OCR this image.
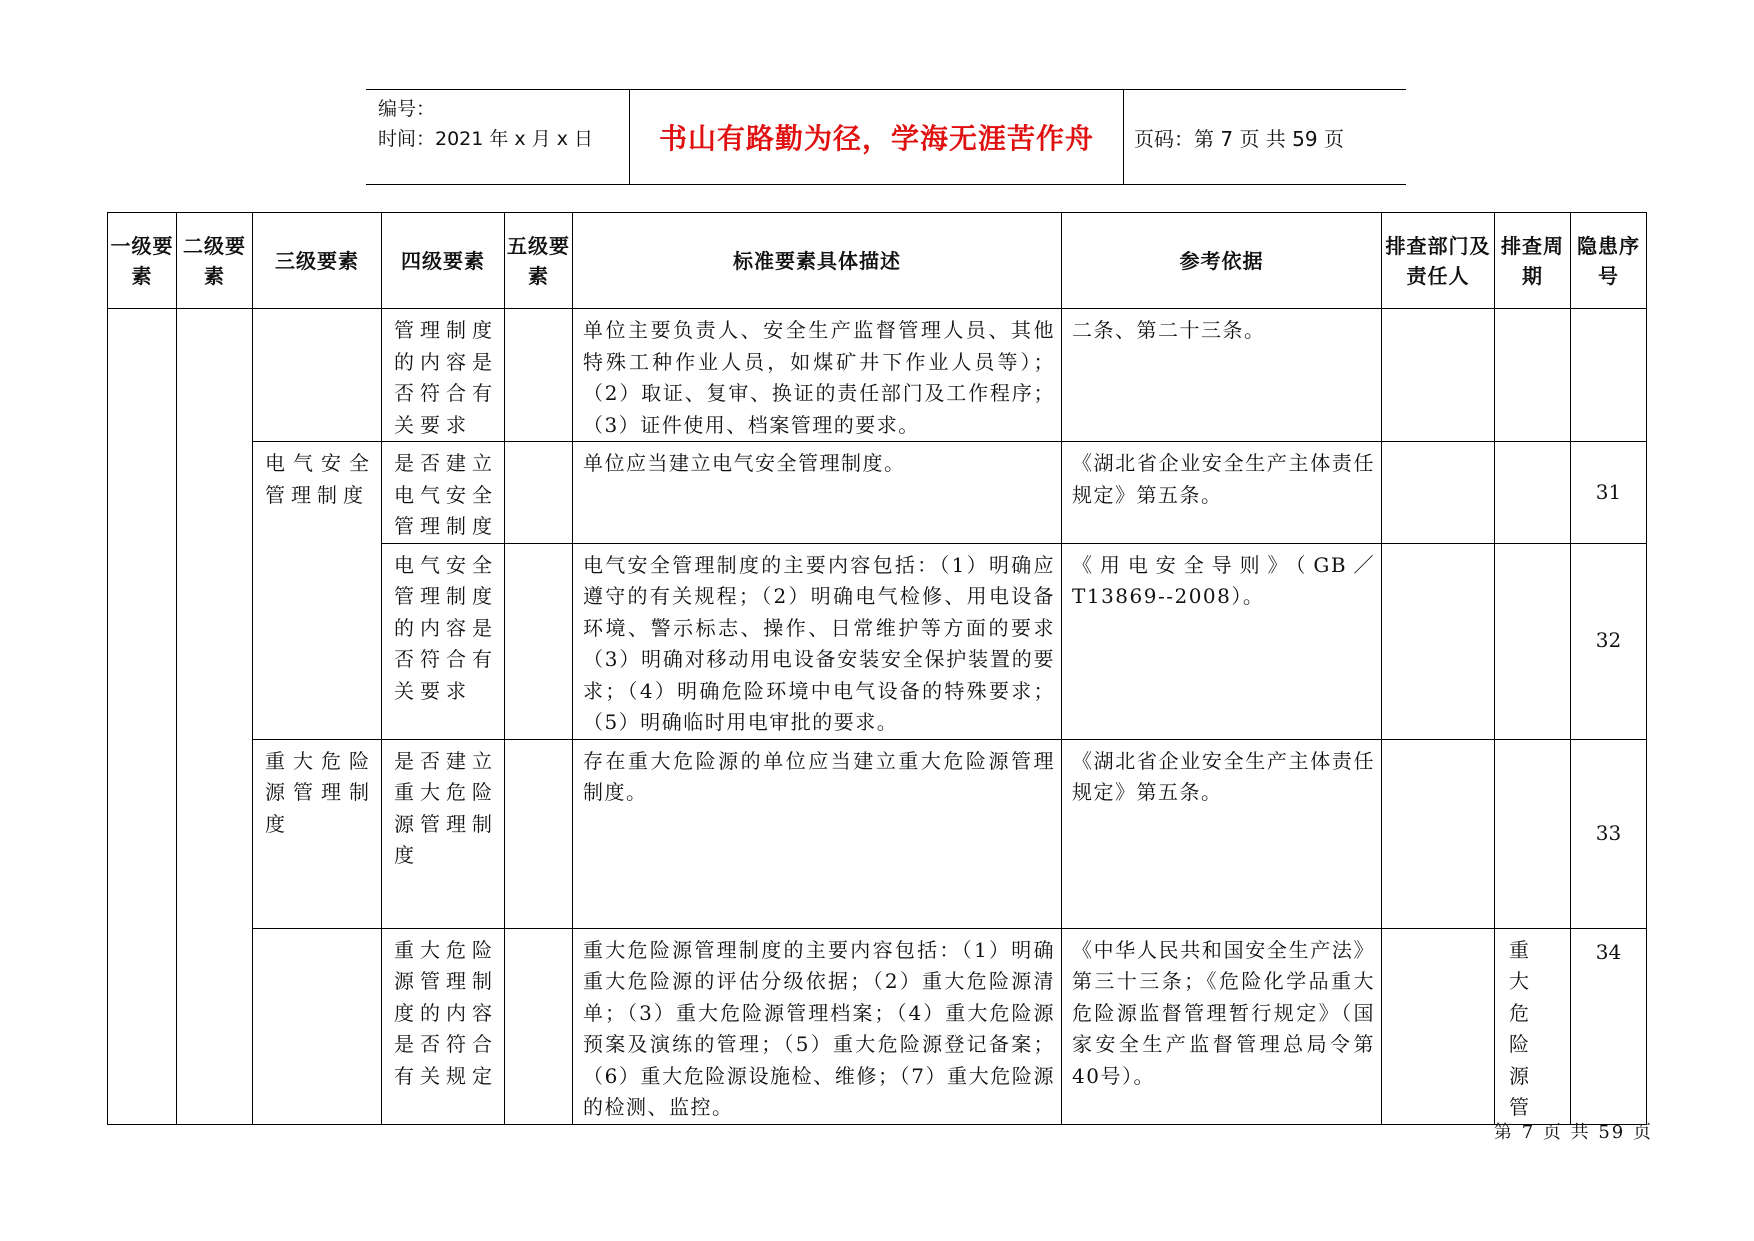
编号：
时间：2021 年 x 月 x 日	书山有路勤为径，学海无涯苦作舟	页码：第 7 页 共 59 页
一级要素	二级要素	三级要素	四级要素	五级要素	标准要素具体描述	参考依据	排查部门及责任人	排查周期	隐患序号

			管理制度的内容是否符合有关要求		单位主要负责人、安全生产监督管理人员、其他特殊工种作业人员，如煤矿井下作业人员等）；（2）取证、复审、换证的责任部门及工作程序；（3）证件使用、档案管理的要求。	二条、第二十三条。			

		电气安全管理制度	是否建立电气安全管理制度		单位应当建立电气安全管理制度。	《湖北省企业安全生产主体责任规定》第五条。			31

			电气安全管理制度的内容是否符合有关要求		电气安全管理制度的主要内容包括：（1）明确应遵守的有关规程；（2）明确电气检修、用电设备环境、警示标志、操作、日常维护等方面的要求（3）明确对移动用电设备安装安全保护装置的要求；（4）明确危险环境中电气设备的特殊要求；（5）明确临时用电审批的要求。	《用电安全导则》（GB／T13869--2008）。			32

		重大危险源管理制度	是否建立重大危险源管理制度		存在重大危险源的单位应当建立重大危险源管理制度。	《湖北省企业安全生产主体责任规定》第五条。			33

			重大危险源管理制度的内容是否符合有关规定		重大危险源管理制度的主要内容包括：（1）明确重大危险源的评估分级依据；（2）重大危险源清单；（3）重大危险源管理档案；（4）重大危险源预案及演练的管理；（5）重大危险源登记备案；（6）重大危险源设施检、维修；（7）重大危险源的检测、监控。	《中华人民共和国安全生产法》第三十三条；《危险化学品重大危险源监督管理暂行规定》（国家安全生产监督管理总局令第40号）。		重大危险源管	34
第 7 页 共 59 页
